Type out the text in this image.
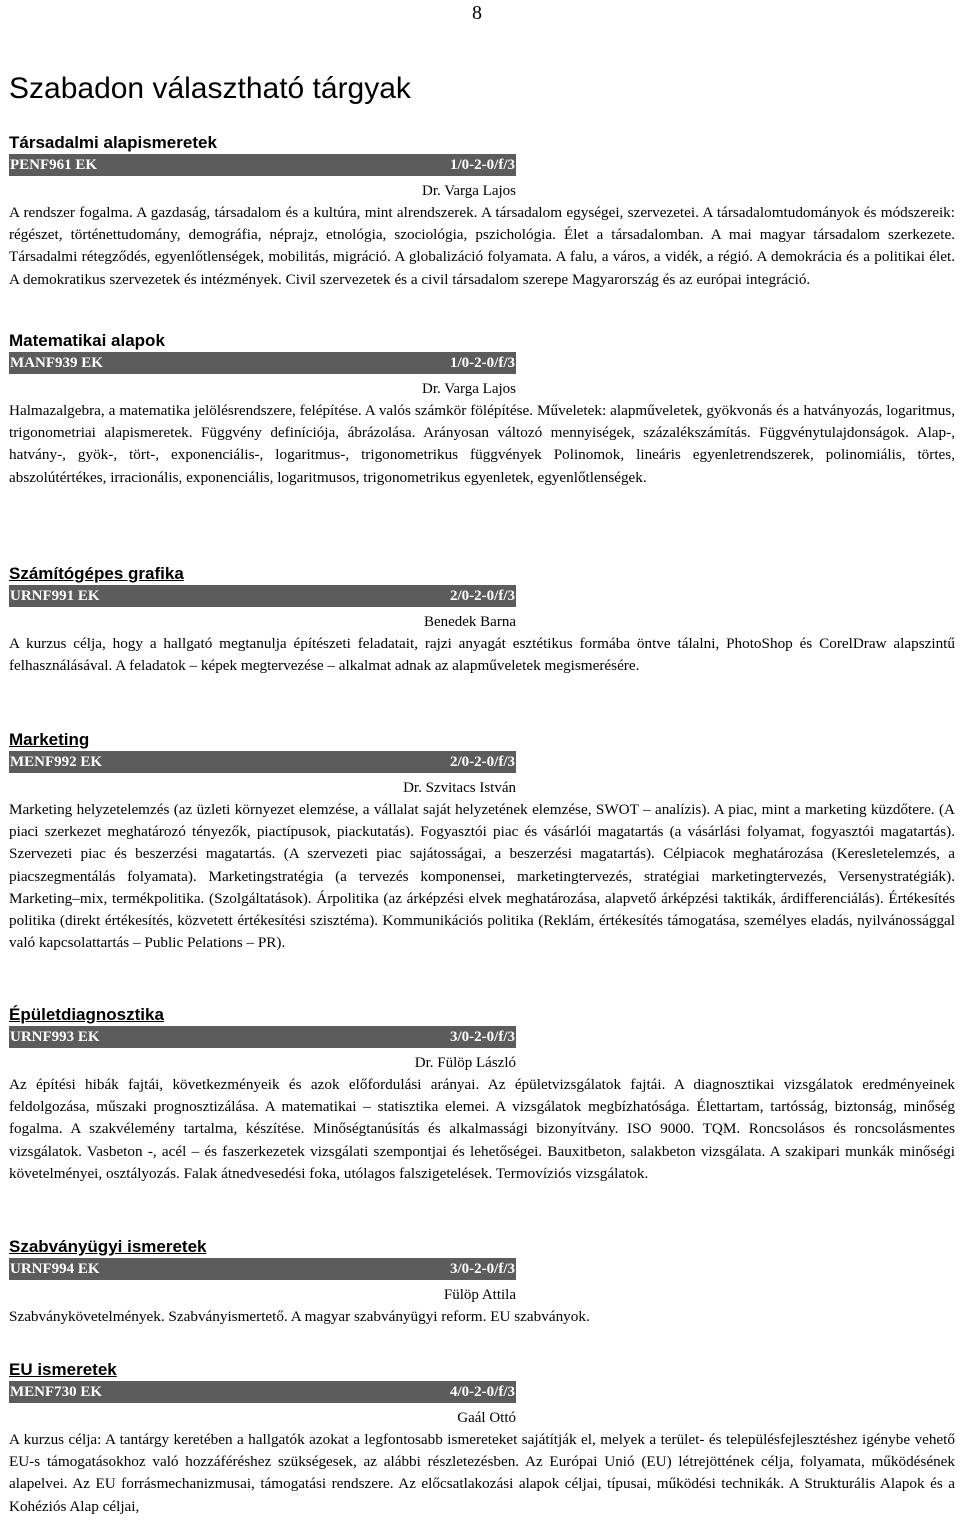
8
Szabadon választható tárgyak
Társadalmi alapismeretek
PENF961 EK	1/0-2-0/f/3
Dr. Varga Lajos

A rendszer fogalma. A gazdaság, társadalom és a kultúra, mint alrendszerek. A társadalom egységei, szervezetei. A társadalomtudományok és módszereik: régészet, történettudomány, demográfia, néprajz, etnológia, szociológia, pszichológia. Élet a társadalomban. A mai magyar társadalom szerkezete. Társadalmi rétegződés, egyenlőtlenségek, mobilitás, migráció. A globalizáció folyamata. A falu, a város, a vidék, a régió. A demokrácia és a politikai élet. A demokratikus szervezetek és intézmények. Civil szervezetek és a civil társadalom szerepe Magyarország és az európai integráció.

Matematikai alapok
MANF939 EK	1/0-2-0/f/3
Dr. Varga Lajos

Halmazalgebra, a matematika jelölésrendszere, felépítése. A valós számkör fölépítése. Műveletek: alapműveletek, gyökvonás és a hatványozás, logaritmus, trigonometriai alapismeretek. Függvény definíciója, ábrázolása. Arányosan változó mennyiségek, százalékszámítás. Függvénytulajdonságok. Alap-, hatvány-, gyök-, tört-, exponenciális-, logaritmus-, trigonometrikus függvények Polinomok, lineáris egyenletrendszerek, polinomiális, törtes, abszolútértékes, irracionális, exponenciális, logaritmusos, trigonometrikus egyenletek, egyenlőtlenségek.

Számítógépes grafika
URNF991 EK	2/0-2-0/f/3
Benedek Barna

A kurzus célja, hogy a hallgató megtanulja építészeti feladatait, rajzi anyagát esztétikus formába öntve tálalni, PhotoShop és CorelDraw alapszintű felhasználásával. A feladatok – képek megtervezése – alkalmat adnak az alapműveletek megismerésére.

Marketing
MENF992 EK	2/0-2-0/f/3
Dr. Szvitacs István

Marketing helyzetelemzés (az üzleti környezet elemzése, a vállalat saját helyzetének elemzése, SWOT – analízis). A piac, mint a marketing küzdőtere. (A piaci szerkezet meghatározó tényezők, piactípusok, piackutatás). Fogyasztói piac és vásárlói magatartás (a vásárlási folyamat, fogyasztói magatartás). Szervezeti piac és beszerzési magatartás. (A szervezeti piac sajátosságai, a beszerzési magatartás). Célpiacok meghatározása (Keresletelemzés, a piacszegmentálás folyamata). Marketingstratégia (a tervezés komponensei, marketingtervezés, stratégiai marketingtervezés, Versenystratégiák). Marketing–mix, termékpolitika. (Szolgáltatások). Árpolitika (az árképzési elvek meghatározása, alapvető árképzési taktikák, árdifferenciálás). Értékesítés politika (direkt értékesítés, közvetett értékesítési szisztéma). Kommunikációs politika (Reklám, értékesítés támogatása, személyes eladás, nyilvánossággal való kapcsolattartás – Public Pelations – PR).

Épületdiagnosztika
URNF993 EK	3/0-2-0/f/3
Dr. Fülöp László

Az építési hibák fajtái, következményeik és azok előfordulási arányai. Az épületvizsgálatok fajtái. A diagnosztikai vizsgálatok eredményeinek feldolgozása, műszaki prognosztizálása. A matematikai – statisztika elemei. A vizsgálatok megbízhatósága. Élettartam, tartósság, biztonság, minőség fogalma. A szakvélemény tartalma, készítése. Minőségtanúsítás és alkalmassági bizonyítvány. ISO 9000. TQM. Roncsolásos és roncsolásmentes vizsgálatok. Vasbeton -, acél – és faszerkezetek vizsgálati szempontjai és lehetőségei. Bauxitbeton, salakbeton vizsgálata. A szakipari munkák minőségi követelményei, osztályozás. Falak átnedvesedési foka, utólagos falszigetelések. Termovíziós vizsgálatok.

Szabványügyi ismeretek
URNF994 EK	3/0-2-0/f/3
Fülöp Attila

Szabványkövetelmények. Szabványismertető. A magyar szabványügyi reform. EU szabványok.

EU ismeretek
MENF730 EK	4/0-2-0/f/3
Gaál Ottó

A kurzus célja: A tantárgy keretében a hallgatók azokat a legfontosabb ismereteket sajátítják el, melyek a terület- és településfejlesztéshez igénybe vehető EU-s támogatásokhoz való hozzáféréshez szükségesek, az alábbi részletezésben. Az Európai Unió (EU) létrejöttének célja, folyamata, működésének alapelvei. Az EU forrásmechanizmusai, támogatási rendszere. Az előcsatlakozási alapok céljai, típusai, működési technikák. A Strukturális Alapok és a Kohéziós Alap céljai,
